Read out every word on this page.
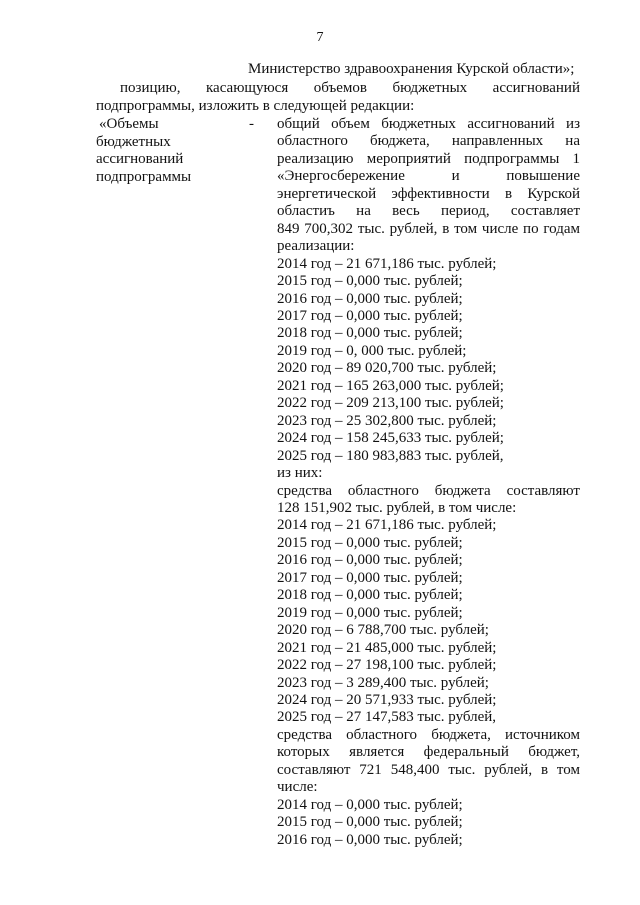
7
Министерство здравоохранения Курской области»;
позицию, касающуюся объемов бюджетных ассигнований
подпрограммы, изложить в следующей редакции:
«Объемы
бюджетных
ассигнований
подпрограммы
- общий объем бюджетных ассигнований из
областного бюджета, направленных на
реализацию мероприятий подпрограммы 1
«Энергосбережение и повышение
энергетической эффективности в Курской
областиъ на весь период, составляет
849 700,302 тыс. рублей, в том числе по годам
реализации:
2014 год – 21 671,186 тыс. рублей;
2015 год – 0,000 тыс. рублей;
2016 год – 0,000 тыс. рублей;
2017 год – 0,000 тыс. рублей;
2018 год – 0,000 тыс. рублей;
2019 год – 0, 000 тыс. рублей;
2020 год – 89 020,700 тыс. рублей;
2021 год – 165 263,000 тыс. рублей;
2022 год – 209 213,100 тыс. рублей;
2023 год – 25 302,800 тыс. рублей;
2024 год – 158 245,633 тыс. рублей;
2025 год – 180 983,883 тыс. рублей,
из них:
средства областного бюджета составляют
128 151,902 тыс. рублей, в том числе:
2014 год – 21 671,186 тыс. рублей;
2015 год – 0,000 тыс. рублей;
2016 год – 0,000 тыс. рублей;
2017 год – 0,000 тыс. рублей;
2018 год – 0,000 тыс. рублей;
2019 год – 0,000 тыс. рублей;
2020 год – 6 788,700 тыс. рублей;
2021 год – 21 485,000 тыс. рублей;
2022 год – 27 198,100 тыс. рублей;
2023 год – 3 289,400 тыс. рублей;
2024 год – 20 571,933 тыс. рублей;
2025 год – 27 147,583 тыс. рублей,
средства областного бюджета, источником
которых является федеральный бюджет,
составляют 721 548,400 тыс. рублей, в том
числе:
2014 год – 0,000 тыс. рублей;
2015 год – 0,000 тыс. рублей;
2016 год – 0,000 тыс. рублей;
